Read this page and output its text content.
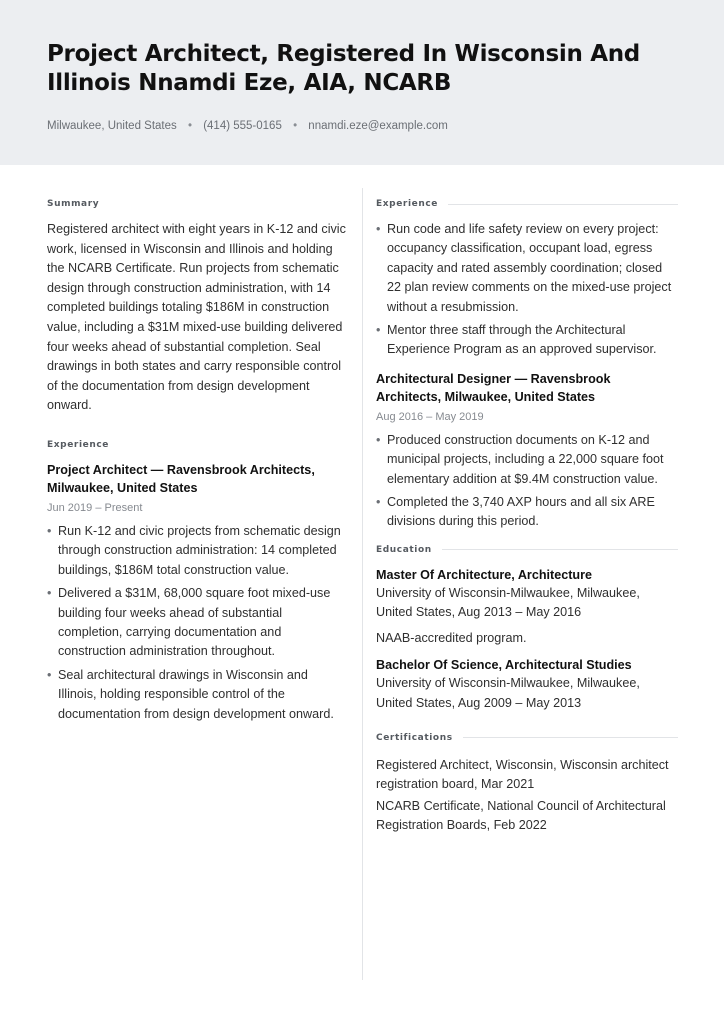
Project Architect, Registered In Wisconsin And Illinois Nnamdi Eze, AIA, NCARB
Milwaukee, United States • (414) 555-0165 • nnamdi.eze@example.com
Summary
Registered architect with eight years in K-12 and civic work, licensed in Wisconsin and Illinois and holding the NCARB Certificate. Run projects from schematic design through construction administration, with 14 completed buildings totaling $186M in construction value, including a $31M mixed-use building delivered four weeks ahead of substantial completion. Seal drawings in both states and carry responsible control of the documentation from design development onward.
Experience
Project Architect — Ravensbrook Architects, Milwaukee, United States
Jun 2019 – Present
• Run K-12 and civic projects from schematic design through construction administration: 14 completed buildings, $186M total construction value.
• Delivered a $31M, 68,000 square foot mixed-use building four weeks ahead of substantial completion, carrying documentation and construction administration throughout.
• Seal architectural drawings in Wisconsin and Illinois, holding responsible control of the documentation from design development onward.
Experience
• Run code and life safety review on every project: occupancy classification, occupant load, egress capacity and rated assembly coordination; closed 22 plan review comments on the mixed-use project without a resubmission.
• Mentor three staff through the Architectural Experience Program as an approved supervisor.
Architectural Designer — Ravensbrook Architects, Milwaukee, United States
Aug 2016 – May 2019
• Produced construction documents on K-12 and municipal projects, including a 22,000 square foot elementary addition at $9.4M construction value.
• Completed the 3,740 AXP hours and all six ARE divisions during this period.
Education
Master Of Architecture, Architecture
University of Wisconsin-Milwaukee, Milwaukee, United States, Aug 2013 – May 2016
NAAB-accredited program.
Bachelor Of Science, Architectural Studies
University of Wisconsin-Milwaukee, Milwaukee, United States, Aug 2009 – May 2013
Certifications
Registered Architect, Wisconsin, Wisconsin architect registration board, Mar 2021
NCARB Certificate, National Council of Architectural Registration Boards, Feb 2022
